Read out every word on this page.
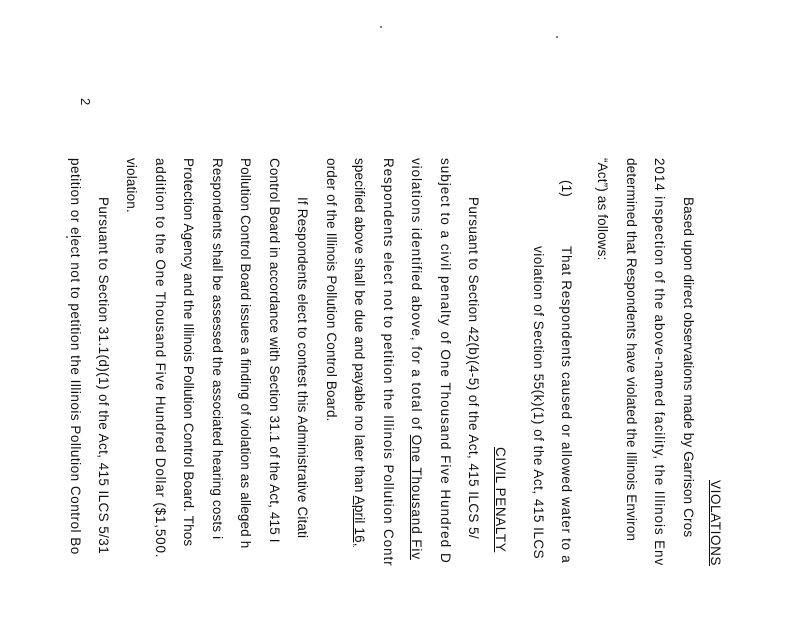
VIOLATIONS
Based upon direct observations made by Garrison Cros
2014 inspection of the above-named facility, the Illinois Env
determined that Respondents have violated the Illinois Environ
“Act”) as follows:
(1)
That Respondents caused or allowed water to a
violation of Section 55(k)(1) of the Act, 415 ILCS
CIVIL PENALTY
Pursuant to Section 42(b)(4-5) of the Act, 415 ILCS 5/
subject to a civil penalty of One Thousand Five Hundred D
violations identified above, for a total of One Thousand Fiv
Respondents elect not to petition the Illinois Pollution Contr
specified above shall be due and payable no later than April 16,
order of the Illinois Pollution Control Board.
If Respondents elect to contest this Administrative Citati
Control Board in accordance with Section 31.1 of the Act, 415 I
Pollution Control Board issues a finding of violation as alleged h
Respondents shall be assessed the associated hearing costs i
Protection Agency and the Illinois Pollution Control Board. Thos
addition to the One Thousand Five Hundred Dollar ($1,500.
violation.
Pursuant to Section 31.1(d)(1) of the Act, 415 ILCS 5/31
petition or elect not to petition the Illinois Pollution Control Bo
2
